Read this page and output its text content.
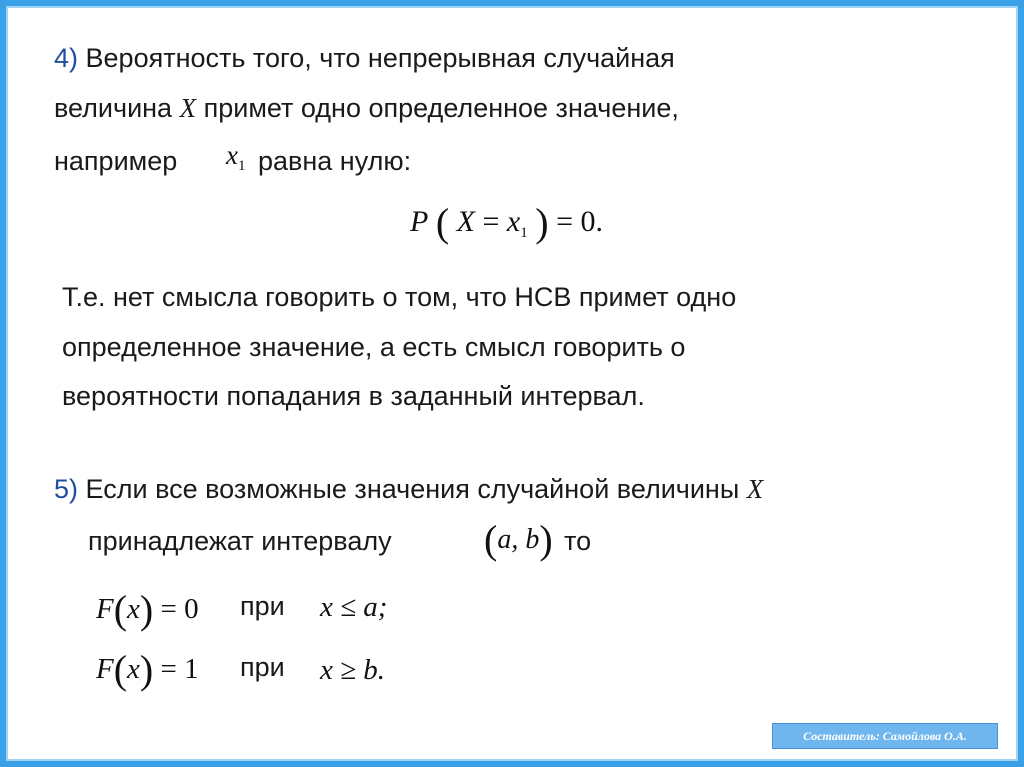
4) Вероятность того, что непрерывная случайная
величина X примет одно определенное значение,
например $x_1$ равна нулю:
P ( $X = x_1$ ) = 0.
Т.е. нет смысла говорить о том, что НСВ примет одно
определенное значение, а есть смысл говорить о
вероятности попадания в заданный интервал.
5) Если все возможные значения случайной величины X
принадлежат интервалу (a, b) то
F(x) = 0 при x ≤ a;
F(x) = 1 при x ≥ b.
Составитель: Самойлова О.А.
